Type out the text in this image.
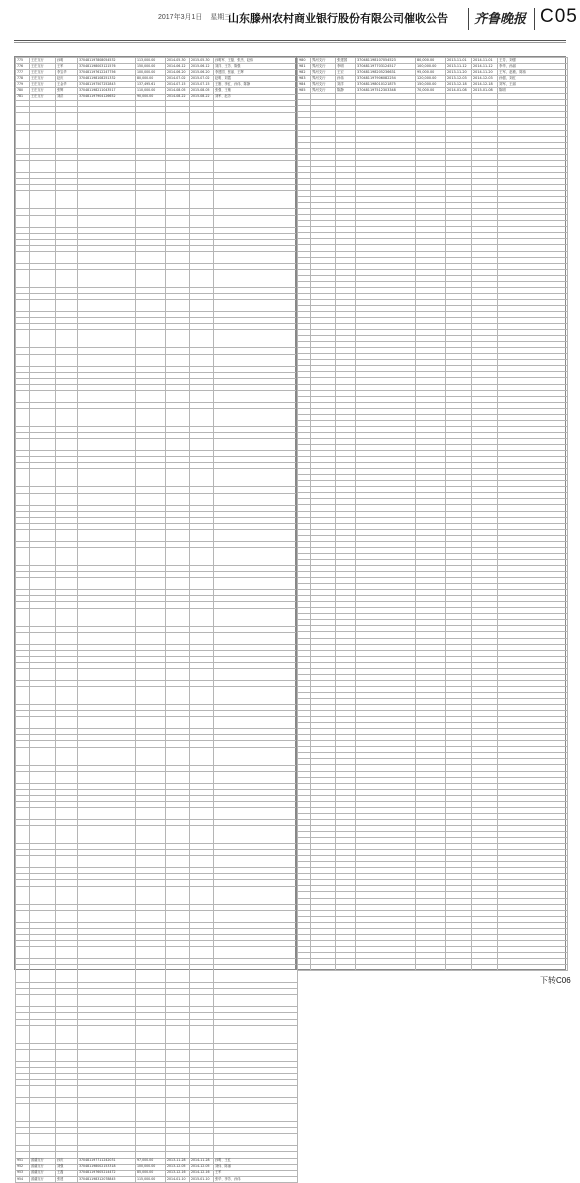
2017年3月1日 星期三
山东滕州农村商业银行股份有限公司催收公告 齐鲁晚报 C05
775	王庄支行	孙明	370481197808054532	113,000.00	2014-05-30	2015-05-30	孙明军、王磊、张杰、赵伟
776	王庄支行	王军	370481198003121576	150,000.00	2014-06-12	2015-06-12	刘洋、王芳、陈强
777	王庄支行	李宝华	370481197612247756	100,000.00	2014-06-20	2015-06-20	李建国、张丽、王辉
778	王庄支行	赵庆	370481198108251332	80,000.00	2014-07-02	2015-07-02	赵明、刘霞
779	王庄支行	王金华	370481197507252843	137,495.61	2014-07-15	2015-07-15	王刚、李红、孙伟、陈静
780	王庄支行	张辉	370481198211043517	110,000.00	2014-08-05	2015-08-05	张强、王敏
781	王庄支行	刘洪	370481197904126652	90,000.00	2014-08-22	2015-08-22	刘军、赵芳

951	滨湖支行	孙庆	370481197711242031	97,000.00	2013-11-28	2014-11-28	孙明、王红
952	滨湖支行	刘强	370481198002153318	100,000.00	2013-12-05	2014-12-05	刘伟、陈丽
953	滨湖支行	王磊	370481197605214472	85,000.00	2013-12-16	2014-12-16	王军
954	滨湖支行	张建	370481198312078845	115,000.00	2014-01-10	2015-01-10	张华、李芳、孙伟
980	界河支行	张建国	370481198107054523	80,000.00	2013-11-01	2014-11-01	王芳、刘强
981	界河支行	李明	370481197703124517	100,000.00	2013-11-12	2014-11-12	李华、孙丽
982	界河支行	王宏	370481198205236631	95,000.00	2013-11-20	2014-11-20	王军、赵敏、陈伟
983	界河支行	孙伟	370481197906082254	120,000.00	2013-12-03	2014-12-03	孙强、刘红
984	界河支行	刘洋	370481198010121875	150,000.00	2013-12-18	2014-12-18	刘军、王丽
985	界河支行	陈静	370481197512303348	70,000.00	2014-01-08	2015-01-08	陈明

下转C06
